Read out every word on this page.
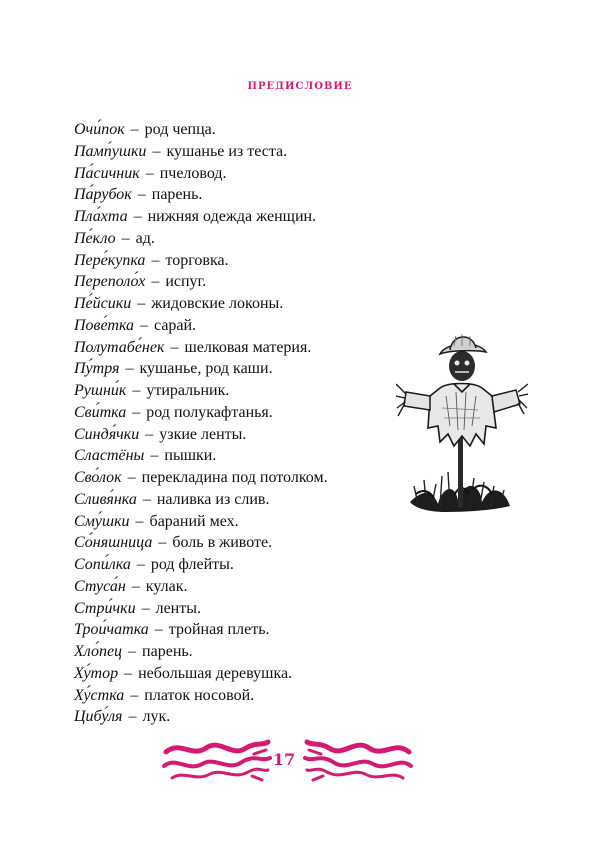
предисловие
Очи́пок – род чепца.
Памп́ушки – кушанье из теста.
Па́сичник – пчеловод.
Па́рубок – парень.
Пла́хта – нижняя одежда женщин.
Пе́кло – ад.
Пере́купка – торговка.
Переполо́х – испуг.
Пе́йсики – жидовские локоны.
Пове́тка – сарай.
Полутабе́нек – шелковая материя.
Пу́тря – кушанье, род каши.
Рушни́к – утиральник.
Сви́тка – род полукафтанья.
Синдя́чки – узкие ленты.
Сластёны – пышки.
Сво́лок – перекладина под потолком.
Сливя́нка – наливка из слив.
Сму́шки – бараний мех.
Со́няшница – боль в животе.
Сопи́лка – род флейты.
Стуса́н – кулак.
Стри́чки – ленты.
Трои́чатка – тройная плеть.
Хло́пец – парень.
Ху́тор – небольшая деревушка.
Ху́стка – платок носовой.
Цибу́ля – лук.
17
